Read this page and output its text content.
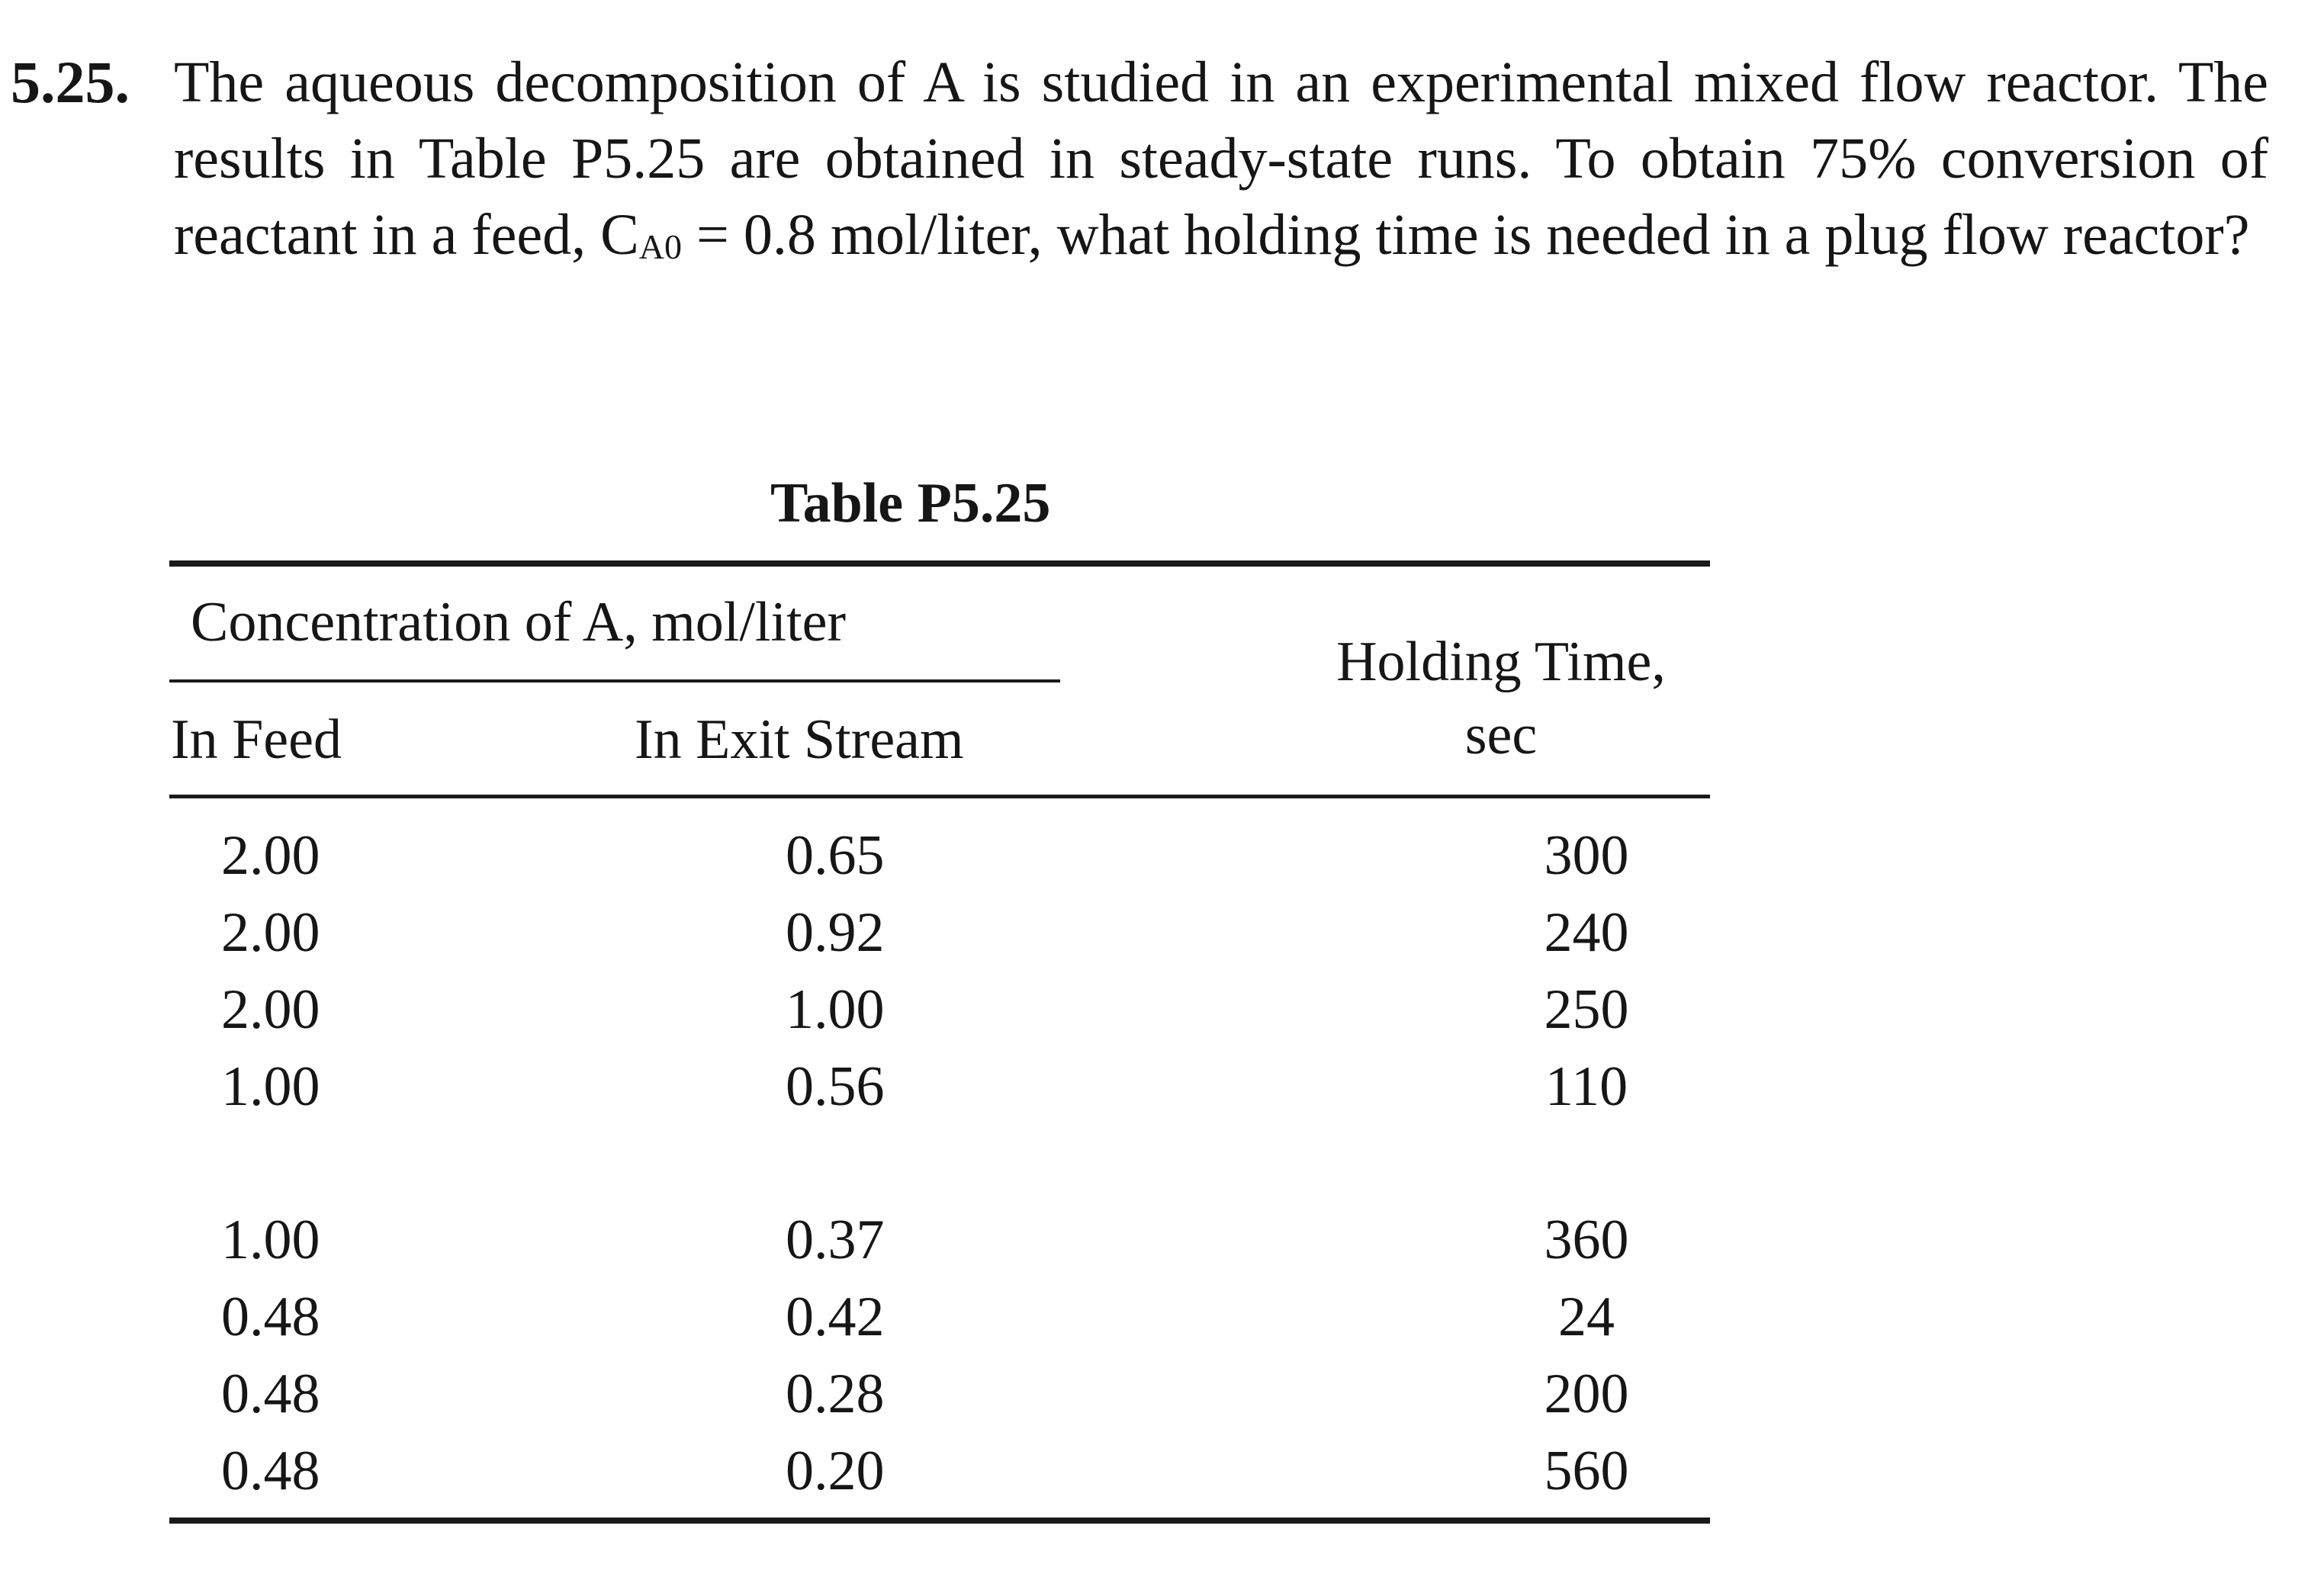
5.25. The aqueous decomposition of A is studied in an experimental mixed flow reactor. The results in Table P5.25 are obtained in steady-state runs. To obtain 75% conversion of reactant in a feed, $C_{A0} = 0.8$ mol/liter, what holding time is needed in a plug flow reactor?
Table P5.25
Concentration of A, mol/liter
In Feed	In Exit Stream
Holding Time,
sec
2.00	0.65	300
2.00	0.92	240
2.00	1.00	250
1.00	0.56	110
1.00	0.37	360
0.48	0.42	24
0.48	0.28	200
0.48	0.20	560
